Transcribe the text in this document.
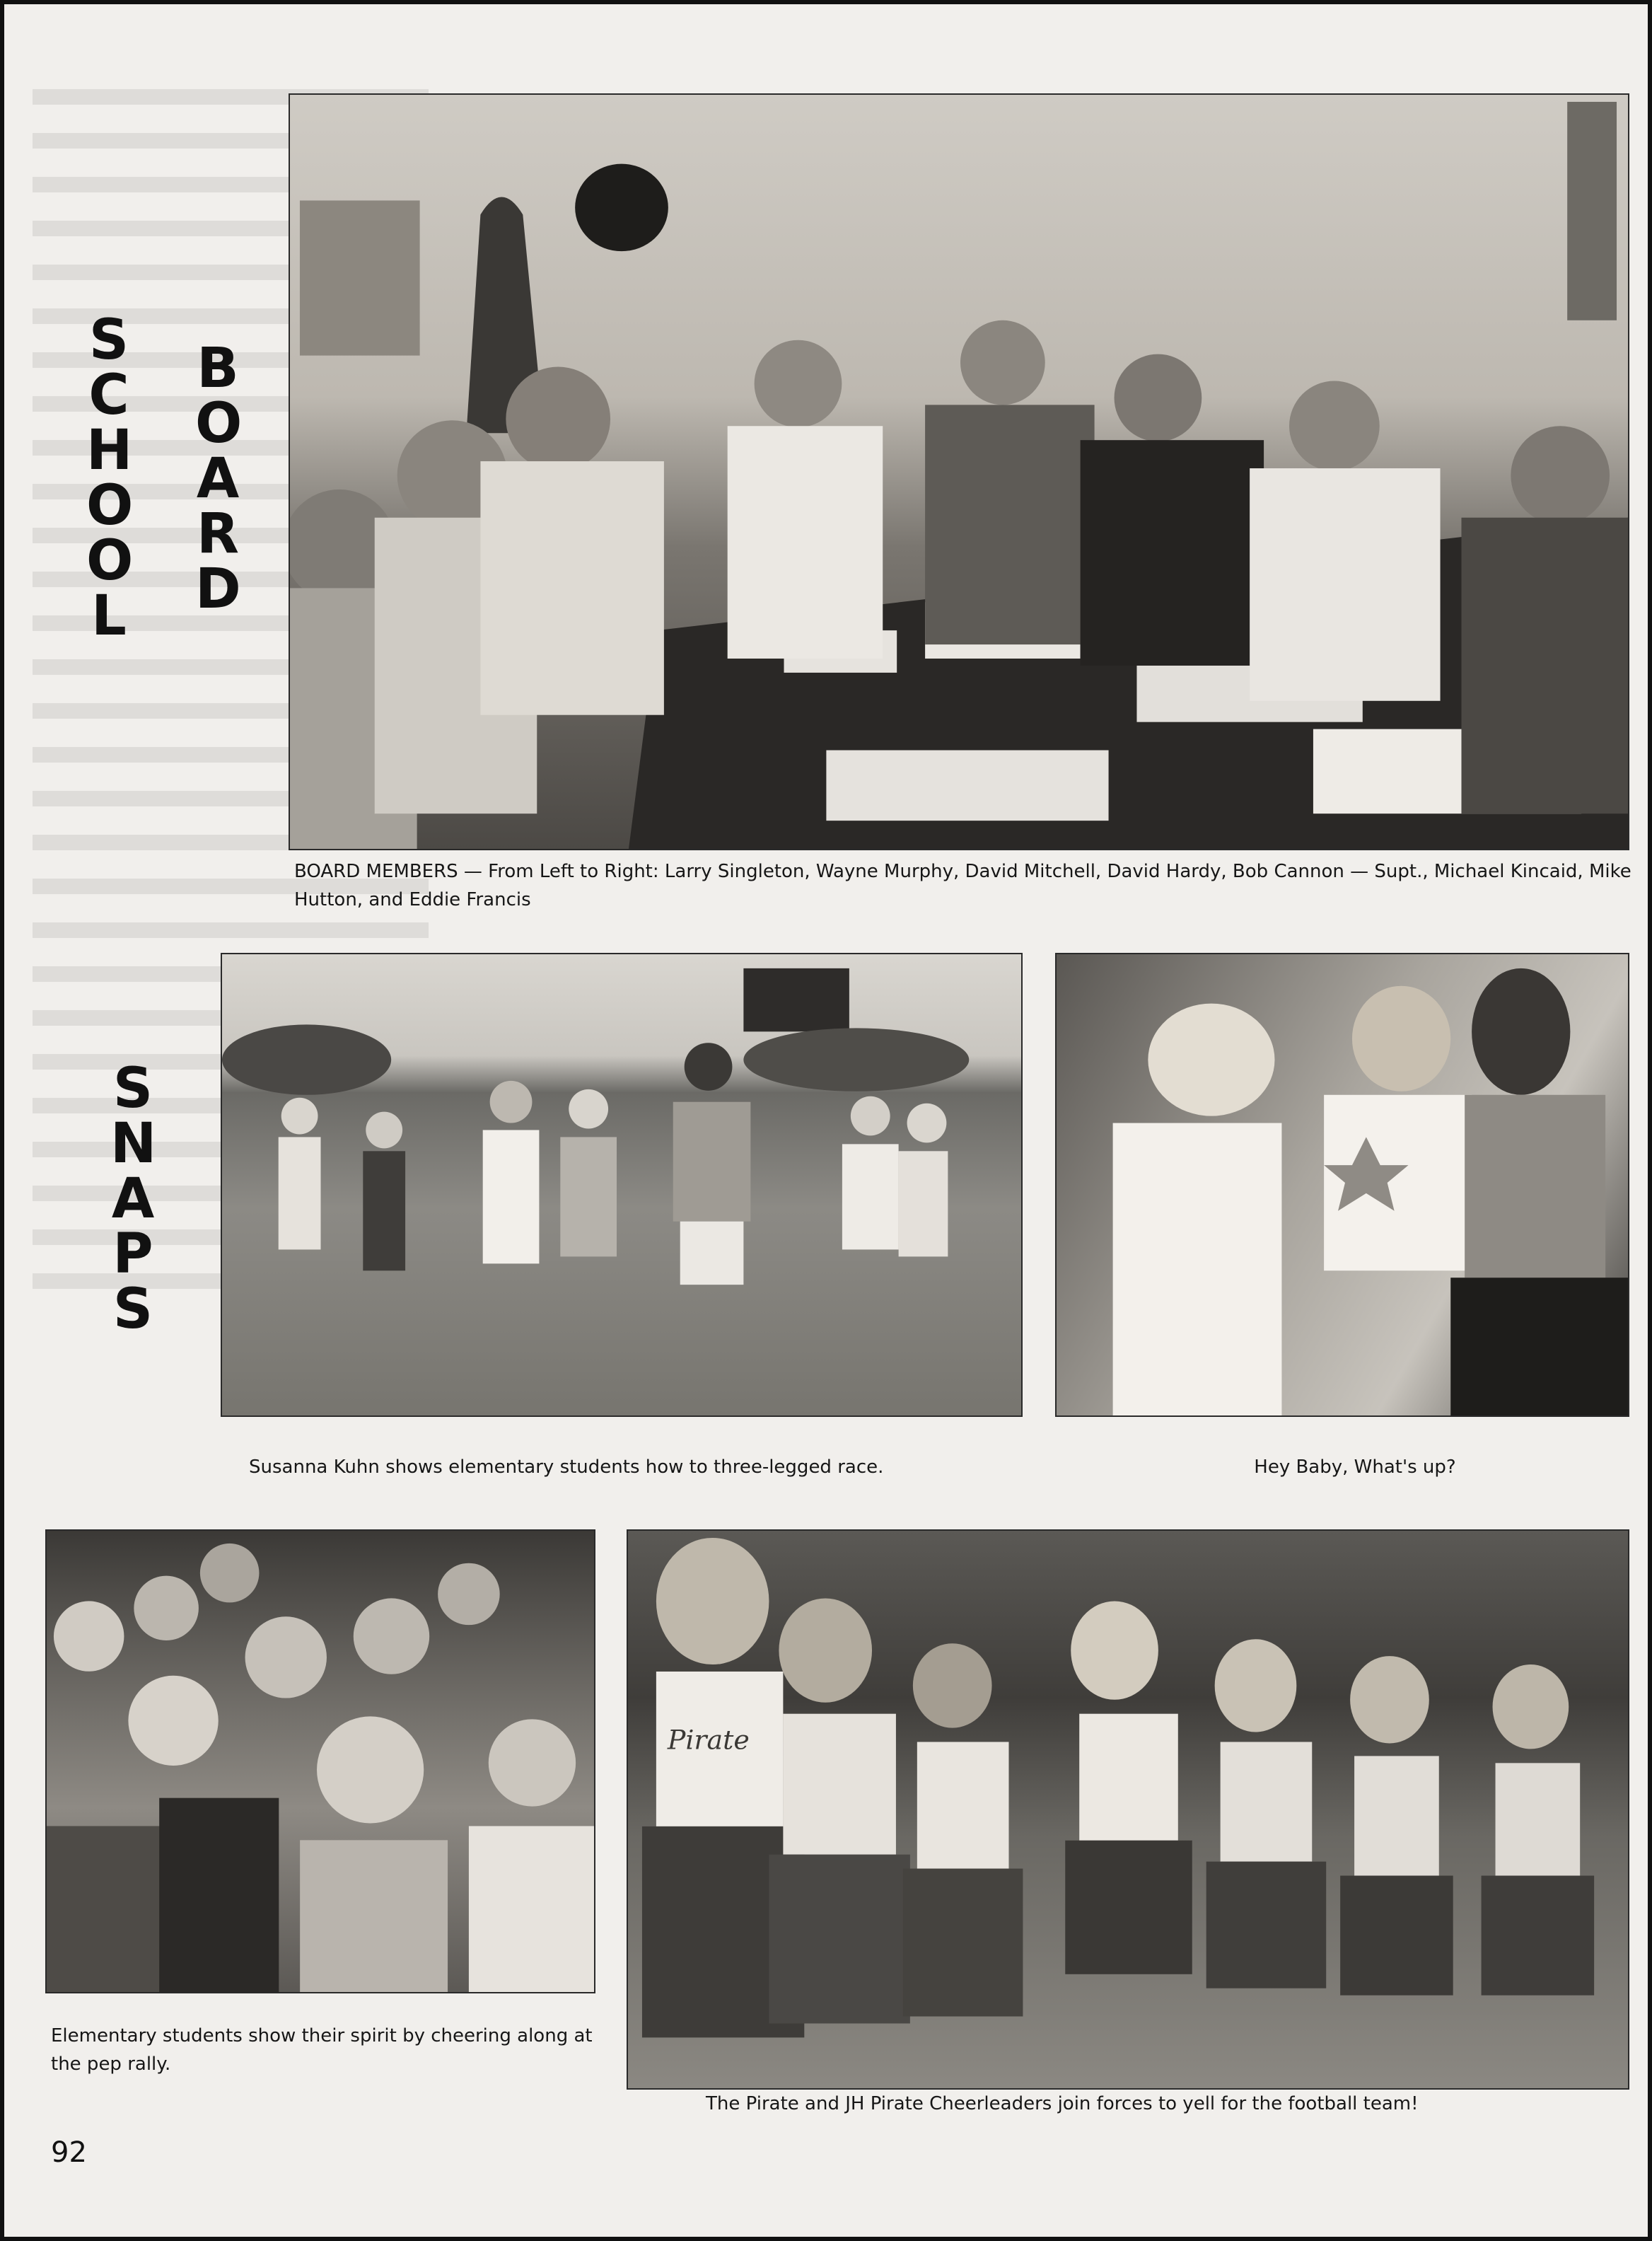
SCHOOL
BOARD
SNAPS

BOARD MEMBERS — From Left to Right: Larry Singleton, Wayne Murphy, David Mitchell, David Hardy, Bob Cannon — Supt., Michael Kincaid, Mike Hutton, and Eddie Francis

Susanna Kuhn shows elementary students how to three-legged race.	Hey Baby, What's up?

Elementary students show their spirit by cheering along at the pep rally.

Pirate

The Pirate and JH Pirate Cheerleaders join forces to yell for the football team!

92
